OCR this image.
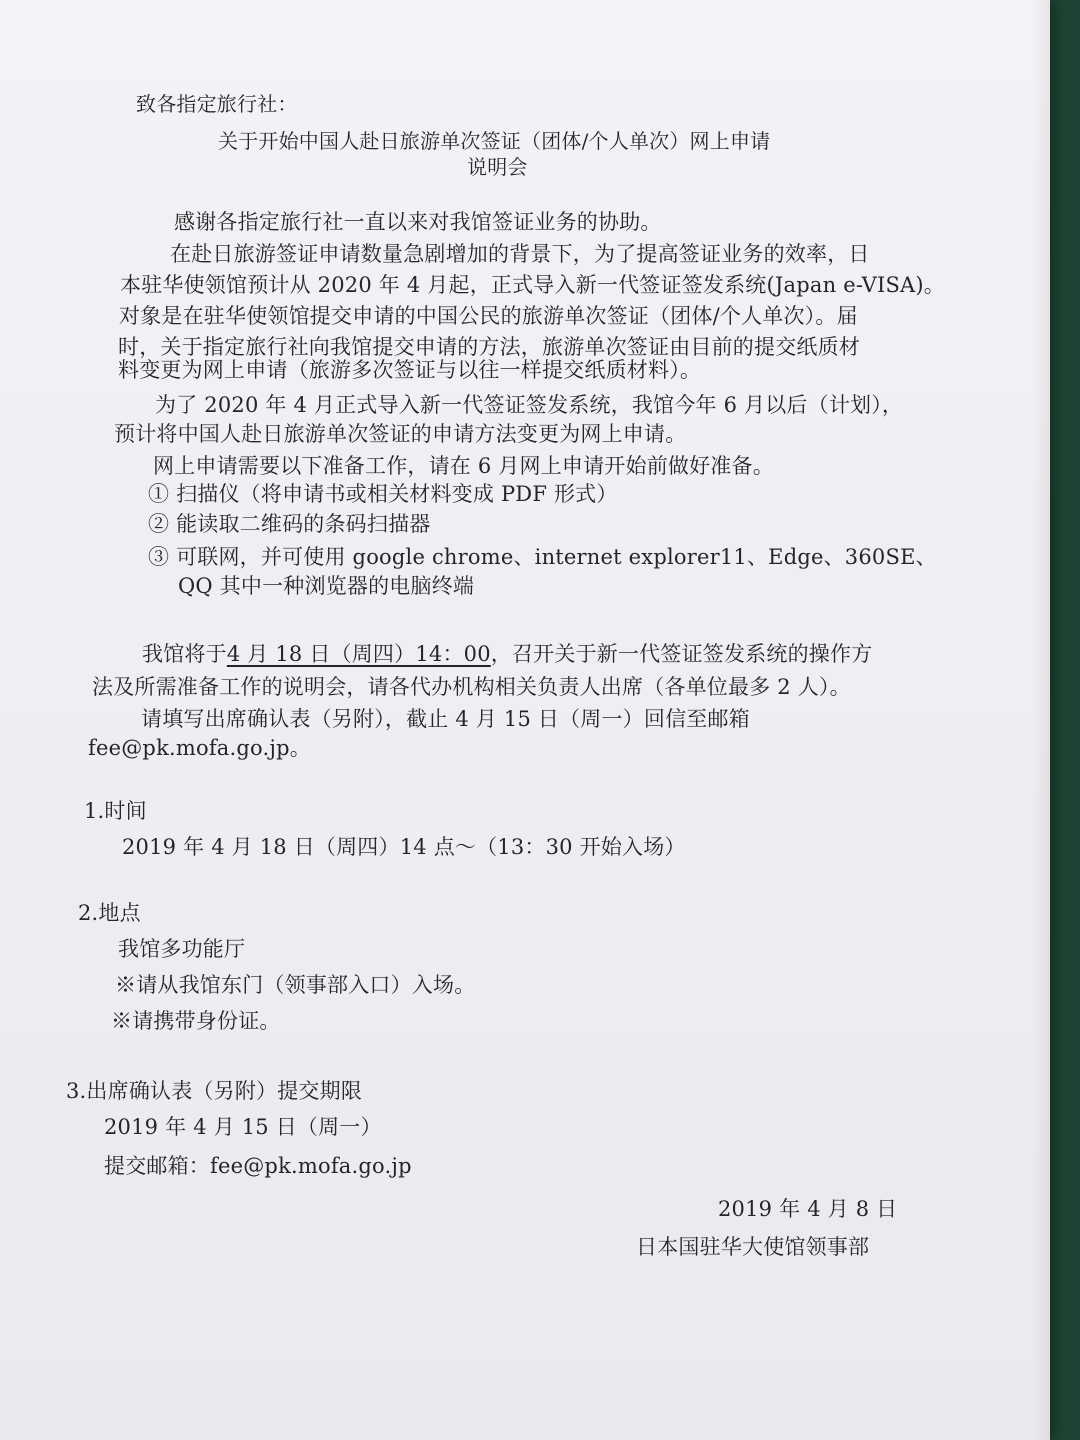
致各指定旅行社：

关于开始中国人赴日旅游单次签证（团体/个人单次）网上申请

说明会

感谢各指定旅行社一直以来对我馆签证业务的协助。

在赴日旅游签证申请数量急剧增加的背景下，为了提高签证业务的效率，日

本驻华使领馆预计从 2020 年 4 月起，正式导入新一代签证签发系统(Japan e-VISA)。

对象是在驻华使领馆提交申请的中国公民的旅游单次签证（团体/个人单次）。届

时，关于指定旅行社向我馆提交申请的方法，旅游单次签证由目前的提交纸质材

料变更为网上申请（旅游多次签证与以往一样提交纸质材料）。

为了 2020 年 4 月正式导入新一代签证签发系统，我馆今年 6 月以后（计划），

预计将中国人赴日旅游单次签证的申请方法变更为网上申请。

网上申请需要以下准备工作，请在 6 月网上申请开始前做好准备。

① 扫描仪（将申请书或相关材料变成 PDF 形式）

② 能读取二维码的条码扫描器

③ 可联网，并可使用 google chrome、internet explorer11、Edge、360SE、

QQ 其中一种浏览器的电脑终端

我馆将于4 月 18 日（周四）14：00，召开关于新一代签证签发系统的操作方

法及所需准备工作的说明会，请各代办机构相关负责人出席（各单位最多 2 人）。

请填写出席确认表（另附），截止 4 月 15 日（周一）回信至邮箱

fee@pk.mofa.go.jp。

1.时间

2019 年 4 月 18 日（周四）14 点～（13：30 开始入场）

2.地点

我馆多功能厅

※请从我馆东门（领事部入口）入场。

※请携带身份证。

3.出席确认表（另附）提交期限

2019 年 4 月 15 日（周一）

提交邮箱：fee@pk.mofa.go.jp

2019 年 4 月 8 日

日本国驻华大使馆领事部
